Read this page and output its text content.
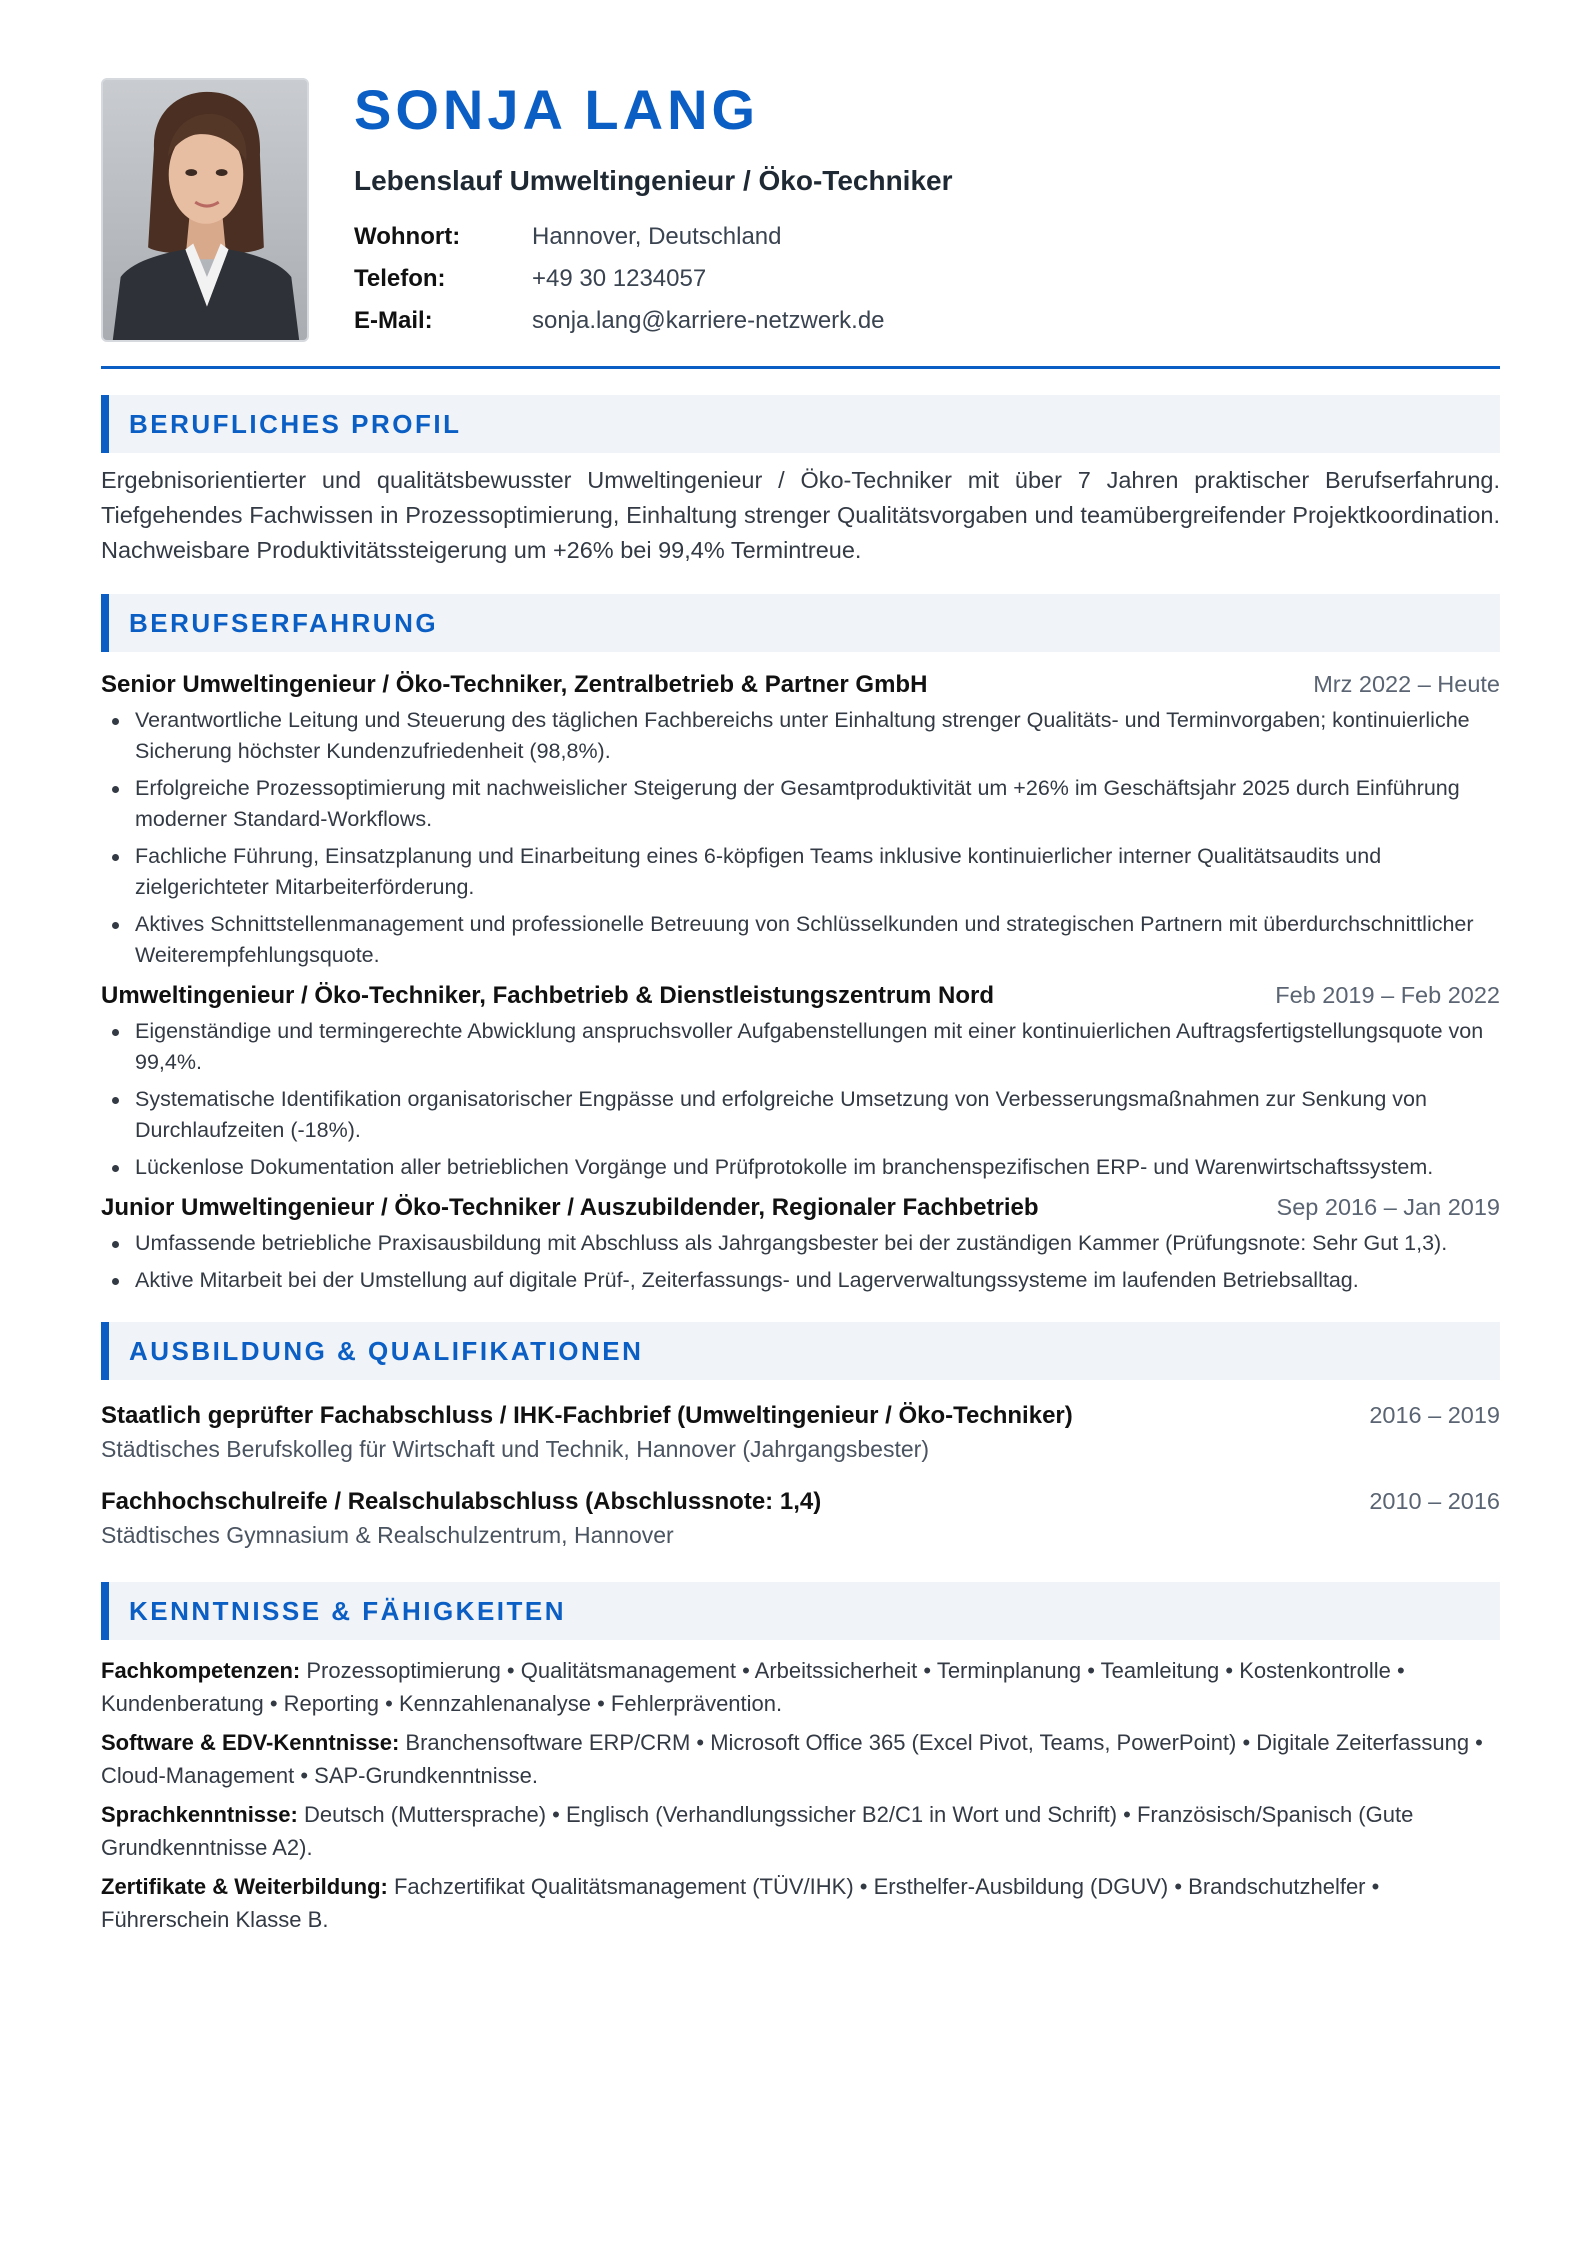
SONJA LANG
Lebenslauf Umweltingenieur / Öko-Techniker
Wohnort:	Hannover, Deutschland
Telefon:	+49 30 1234057
E-Mail:	sonja.lang@karriere-netzwerk.de
BERUFLICHES PROFIL

Ergebnisorientierter und qualitätsbewusster Umweltingenieur / Öko-Techniker mit über 7 Jahren praktischer Berufserfahrung. Tiefgehendes Fachwissen in Prozessoptimierung, Einhaltung strenger Qualitätsvorgaben und teamübergreifender Projektkoordination. Nachweisbare Produktivitätssteigerung um +26% bei 99,4% Termintreue.

BERUFSERFAHRUNG
Senior Umweltingenieur / Öko-Techniker, Zentralbetrieb & Partner GmbH	Mrz 2022 – Heute
Verantwortliche Leitung und Steuerung des täglichen Fachbereichs unter Einhaltung strenger Qualitäts- und Terminvorgaben; kontinuierliche Sicherung höchster Kundenzufriedenheit (98,8%).
Erfolgreiche Prozessoptimierung mit nachweislicher Steigerung der Gesamtproduktivität um +26% im Geschäftsjahr 2025 durch Einführung moderner Standard-Workflows.
Fachliche Führung, Einsatzplanung und Einarbeitung eines 6-köpfigen Teams inklusive kontinuierlicher interner Qualitätsaudits und zielgerichteter Mitarbeiterförderung.
Aktives Schnittstellenmanagement und professionelle Betreuung von Schlüsselkunden und strategischen Partnern mit überdurchschnittlicher Weiterempfehlungsquote.
Umweltingenieur / Öko-Techniker, Fachbetrieb & Dienstleistungszentrum Nord	Feb 2019 – Feb 2022
Eigenständige und termingerechte Abwicklung anspruchsvoller Aufgabenstellungen mit einer kontinuierlichen Auftragsfertigstellungsquote von 99,4%.
Systematische Identifikation organisatorischer Engpässe und erfolgreiche Umsetzung von Verbesserungsmaßnahmen zur Senkung von Durchlaufzeiten (-18%).
Lückenlose Dokumentation aller betrieblichen Vorgänge und Prüfprotokolle im branchenspezifischen ERP- und Warenwirtschaftssystem.
Junior Umweltingenieur / Öko-Techniker / Auszubildender, Regionaler Fachbetrieb	Sep 2016 – Jan 2019
Umfassende betriebliche Praxisausbildung mit Abschluss als Jahrgangsbester bei der zuständigen Kammer (Prüfungsnote: Sehr Gut 1,3).
Aktive Mitarbeit bei der Umstellung auf digitale Prüf-, Zeiterfassungs- und Lagerverwaltungssysteme im laufenden Betriebsalltag.
AUSBILDUNG & QUALIFIKATIONEN
Staatlich geprüfter Fachabschluss / IHK-Fachbrief (Umweltingenieur / Öko-Techniker)	2016 – 2019
Städtisches Berufskolleg für Wirtschaft und Technik, Hannover (Jahrgangsbester)
Fachhochschulreife / Realschulabschluss (Abschlussnote: 1,4)	2010 – 2016
Städtisches Gymnasium & Realschulzentrum, Hannover
KENNTNISSE & FÄHIGKEITEN
Fachkompetenzen: Prozessoptimierung • Qualitätsmanagement • Arbeitssicherheit • Terminplanung • Teamleitung • Kostenkontrolle • Kundenberatung • Reporting • Kennzahlenanalyse • Fehlerprävention.
Software & EDV-Kenntnisse: Branchensoftware ERP/CRM • Microsoft Office 365 (Excel Pivot, Teams, PowerPoint) • Digitale Zeiterfassung • Cloud-Management • SAP-Grundkenntnisse.
Sprachkenntnisse: Deutsch (Muttersprache) • Englisch (Verhandlungssicher B2/C1 in Wort und Schrift) • Französisch/Spanisch (Gute Grundkenntnisse A2).
Zertifikate & Weiterbildung: Fachzertifikat Qualitätsmanagement (TÜV/IHK) • Ersthelfer-Ausbildung (DGUV) • Brandschutzhelfer • Führerschein Klasse B.
